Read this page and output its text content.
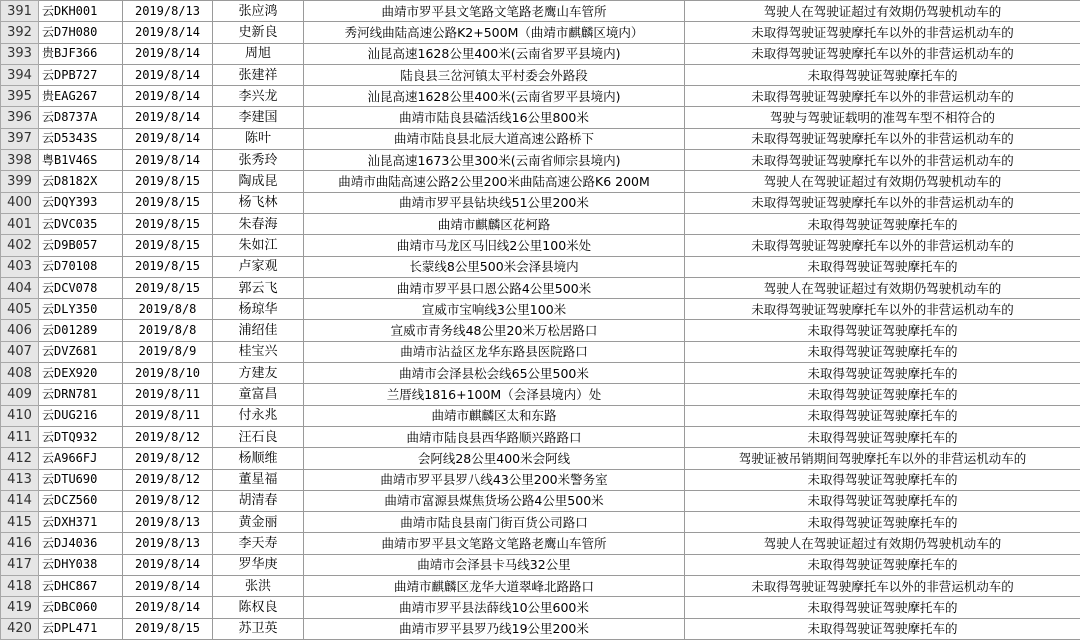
391	云DKH001	2019/8/13	张应鸿	曲靖市罗平县文笔路文笔路老鹰山车管所	驾驶人在驾驶证超过有效期仍驾驶机动车的
392	云D7H080	2019/8/14	史新良	秀河线曲陆高速公路K2+500M（曲靖市麒麟区境内）	未取得驾驶证驾驶摩托车以外的非营运机动车的
393	贵BJF366	2019/8/14	周旭	汕昆高速1628公里400米(云南省罗平县境内)	未取得驾驶证驾驶摩托车以外的非营运机动车的
394	云DPB727	2019/8/14	张建祥	陆良县三岔河镇太平村委会外路段	未取得驾驶证驾驶摩托车的
395	贵EAG267	2019/8/14	李兴龙	汕昆高速1628公里400米(云南省罗平县境内)	未取得驾驶证驾驶摩托车以外的非营运机动车的
396	云D8737A	2019/8/14	李建国	曲靖市陆良县磕活线16公里800米	驾驶与驾驶证载明的准驾车型不相符合的
397	云D5343S	2019/8/14	陈叶	曲靖市陆良县北辰大道高速公路桥下	未取得驾驶证驾驶摩托车以外的非营运机动车的
398	粤B1V46S	2019/8/14	张秀玲	汕昆高速1673公里300米(云南省师宗县境内)	未取得驾驶证驾驶摩托车以外的非营运机动车的
399	云D8182X	2019/8/15	陶成昆	曲靖市曲陆高速公路2公里200米曲陆高速公路K6 200M	驾驶人在驾驶证超过有效期仍驾驶机动车的
400	云DQY393	2019/8/15	杨飞林	曲靖市罗平县钻块线51公里200米	未取得驾驶证驾驶摩托车以外的非营运机动车的
401	云DVC035	2019/8/15	朱春海	曲靖市麒麟区花柯路	未取得驾驶证驾驶摩托车的
402	云D9B057	2019/8/15	朱如江	曲靖市马龙区马旧线2公里100米处	未取得驾驶证驾驶摩托车以外的非营运机动车的
403	云D70108	2019/8/15	卢家观	长蒙线8公里500米会泽县境内	未取得驾驶证驾驶摩托车的
404	云DCV078	2019/8/15	郭云飞	曲靖市罗平县口恩公路4公里500米	驾驶人在驾驶证超过有效期仍驾驶机动车的
405	云DLY350	2019/8/8	杨琼华	宣威市宝响线3公里100米	未取得驾驶证驾驶摩托车以外的非营运机动车的
406	云D01289	2019/8/8	浦绍佳	宣威市青务线48公里20米万松居路口	未取得驾驶证驾驶摩托车的
407	云DVZ681	2019/8/9	桂宝兴	曲靖市沾益区龙华东路县医院路口	未取得驾驶证驾驶摩托车的
408	云DEX920	2019/8/10	方建友	曲靖市会泽县松会线65公里500米	未取得驾驶证驾驶摩托车的
409	云DRN781	2019/8/11	童富昌	兰厝线1816+100M（会泽县境内）处	未取得驾驶证驾驶摩托车的
410	云DUG216	2019/8/11	付永兆	曲靖市麒麟区太和东路	未取得驾驶证驾驶摩托车的
411	云DTQ932	2019/8/12	汪石良	曲靖市陆良县西华路顺兴路路口	未取得驾驶证驾驶摩托车的
412	云A966FJ	2019/8/12	杨顺维	会阿线28公里400米会阿线	驾驶证被吊销期间驾驶摩托车以外的非营运机动车的
413	云DTU690	2019/8/12	董星福	曲靖市罗平县罗八线43公里200米警务室	未取得驾驶证驾驶摩托车的
414	云DCZ560	2019/8/12	胡清春	曲靖市富源县煤焦货场公路4公里500米	未取得驾驶证驾驶摩托车的
415	云DXH371	2019/8/13	黄金丽	曲靖市陆良县南门街百货公司路口	未取得驾驶证驾驶摩托车的
416	云DJ4036	2019/8/13	李天寿	曲靖市罗平县文笔路文笔路老鹰山车管所	驾驶人在驾驶证超过有效期仍驾驶机动车的
417	云DHY038	2019/8/14	罗华庚	曲靖市会泽县卡马线32公里	未取得驾驶证驾驶摩托车的
418	云DHC867	2019/8/14	张洪	曲靖市麒麟区龙华大道翠峰北路路口	未取得驾驶证驾驶摩托车以外的非营运机动车的
419	云DBC060	2019/8/14	陈权良	曲靖市罗平县法薛线10公里600米	未取得驾驶证驾驶摩托车的
420	云DPL471	2019/8/15	苏卫英	曲靖市罗平县罗乃线19公里200米	未取得驾驶证驾驶摩托车的
